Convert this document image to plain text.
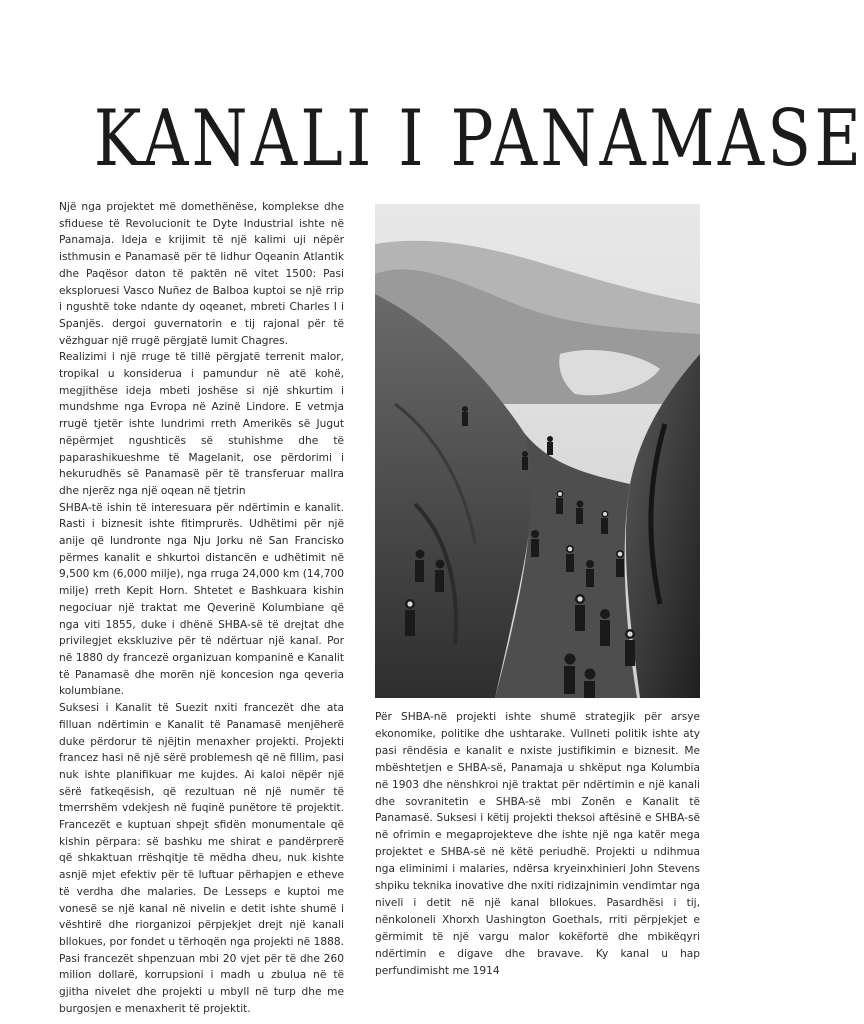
KANALI I PANAMASE

Një nga projektet më domethënëse, komplekse dhe sfiduese të Revolucionit te Dyte Industrial ishte në Panamaja. Ideja e krijimit të një kalimi uji nëpër isthmusin e Panamasë për të lidhur Oqeanin Atlantik dhe Paqësor daton të paktën në vitet 1500: Pasi eksploruesi Vasco Nuñez de Balboa kuptoi se një rrip i ngushtë toke ndante dy oqeanet, mbreti Charles I i Spanjës. dergoi guvernatorin e tij rajonal për të vëzhguar një rrugë përgjatë lumit Chagres.

Realizimi i një rruge të tillë përgjatë terrenit malor, tropikal u konsiderua i pamundur në atë kohë, megjithëse ideja mbeti joshëse si një shkurtim i mundshme nga Evropa në Azinë Lindore. E vetmja rrugë tjetër ishte lundrimi rreth Amerikës së Jugut nëpërmjet ngushticës së stuhishme dhe të paparashikueshme të Magelanit, ose përdorimi i hekurudhës së Panamasë për të transferuar mallra dhe njerëz nga një oqean në tjetrin

SHBA-të ishin të interesuara për ndërtimin e kanalit. Rasti i biznesit ishte fitimprurës. Udhëtimi për një anije që lundronte nga Nju Jorku në San Francisko përmes kanalit e shkurtoi distancën e udhëtimit në 9,500 km (6,000 milje), nga rruga 24,000 km (14,700 milje) rreth Kepit Horn. Shtetet e Bashkuara kishin negociuar një traktat me Qeverinë Kolumbiane që nga viti 1855, duke i dhënë SHBA-së të drejtat dhe privilegjet ekskluzive për të ndërtuar një kanal. Por në 1880 dy francezë organizuan kompaninë e Kanalit të Panamasë dhe morën një koncesion nga qeveria kolumbiane.

Suksesi i Kanalit të Suezit nxiti francezët dhe ata filluan ndërtimin e Kanalit të Panamasë menjëherë duke përdorur të njëjtin menaxher projekti. Projekti francez hasi në një sërë problemesh që në fillim, pasi nuk ishte planifikuar me kujdes. Ai kaloi nëpër një sërë fatkeqësish, që rezultuan në një numër të tmerrshëm vdekjesh në fuqinë punëtore të projektit. Francezët e kuptuan shpejt sfidën monumentale që kishin përpara: së bashku me shirat e pandërprerë që shkaktuan rrëshqitje të mëdha dheu, nuk kishte asnjë mjet efektiv për të luftuar përhapjen e etheve të verdha dhe malaries. De Lesseps e kuptoi me vonesë se një kanal në nivelin e detit ishte shumë i vështirë dhe riorganizoi përpjekjet drejt një kanali bllokues, por fondet u tërhoqën nga projekti në 1888. Pasi francezët shpenzuan mbi 20 vjet për të dhe 260 milion dollarë, korrupsioni i madh u zbulua në të gjitha nivelet dhe projekti u mbyll në turp dhe me burgosjen e menaxherit të projektit.

Për SHBA-në projekti ishte shumë strategjik për arsye ekonomike, politike dhe ushtarake. Vullneti politik ishte aty pasi rëndësia e kanalit e nxiste justifikimin e biznesit. Me mbështetjen e SHBA-së, Panamaja u shkëput nga Kolumbia në 1903 dhe nënshkroi një traktat për ndërtimin e një kanali dhe sovranitetin e SHBA-së mbi Zonën e Kanalit të Panamasë. Suksesi i këtij projekti theksoi aftësinë e SHBA-së në ofrimin e megaprojekteve dhe ishte një nga katër mega projektet e SHBA-së në këtë periudhë. Projekti u ndihmua nga eliminimi i malaries, ndërsa kryeinxhinieri John Stevens shpiku teknika inovative dhe nxiti ridizajnimin vendimtar nga niveli i detit në një kanal bllokues. Pasardhësi i tij, nënkoloneli Xhorxh Uashington Goethals, rriti përpjekjet e gërmimit të një vargu malor kokëfortë dhe mbikëqyri ndërtimin e digave dhe bravave. Ky kanal u hap perfundimisht me 1914
